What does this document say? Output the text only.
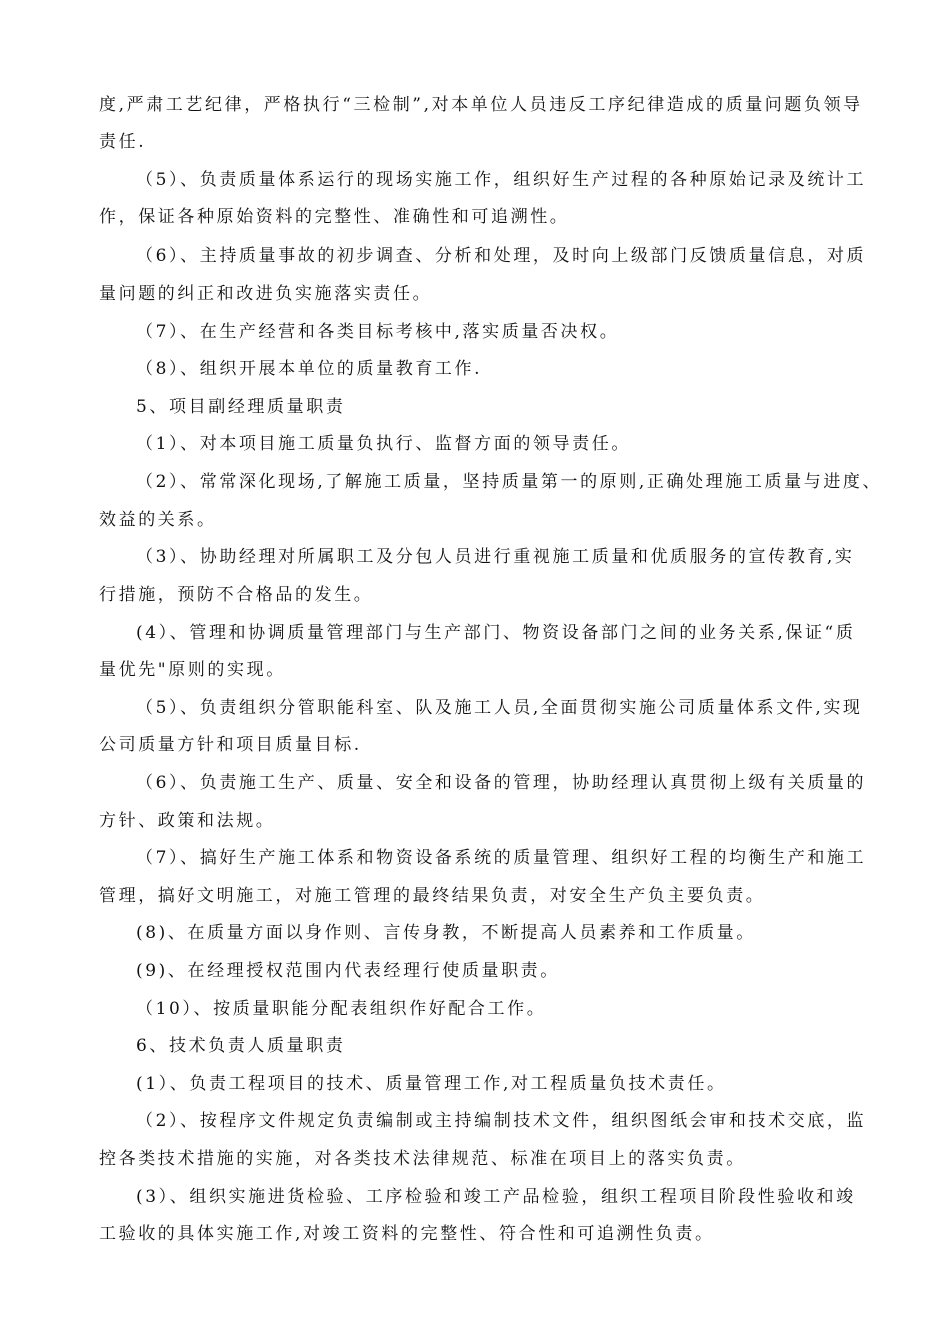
度,严肃工艺纪律，严格执行“三检制”,对本单位人员违反工序纪律造成的质量问题负领导
责任.
（5）、负责质量体系运行的现场实施工作，组织好生产过程的各种原始记录及统计工
作，保证各种原始资料的完整性、准确性和可追溯性。
（6）、主持质量事故的初步调查、分析和处理，及时向上级部门反馈质量信息，对质
量问题的纠正和改进负实施落实责任。
（7）、在生产经营和各类目标考核中,落实质量否决权。
（8）、组织开展本单位的质量教育工作.
5、项目副经理质量职责
（1）、对本项目施工质量负执行、监督方面的领导责任。
（2）、常常深化现场,了解施工质量，坚持质量第一的原则,正确处理施工质量与进度、
效益的关系。
（3）、协助经理对所属职工及分包人员进行重视施工质量和优质服务的宣传教育,实
行措施，预防不合格品的发生。
(4）、管理和协调质量管理部门与生产部门、物资设备部门之间的业务关系,保证“质
量优先"原则的实现。
（5）、负责组织分管职能科室、队及施工人员,全面贯彻实施公司质量体系文件,实现
公司质量方针和项目质量目标.
（6）、负责施工生产、质量、安全和设备的管理，协助经理认真贯彻上级有关质量的
方针、政策和法规。
（7）、搞好生产施工体系和物资设备系统的质量管理、组织好工程的均衡生产和施工
管理，搞好文明施工，对施工管理的最终结果负责，对安全生产负主要负责。
(8)、在质量方面以身作则、言传身教，不断提高人员素养和工作质量。
(9)、在经理授权范围内代表经理行使质量职责。
（10）、按质量职能分配表组织作好配合工作。
6、技术负责人质量职责
(1）、负责工程项目的技术、质量管理工作,对工程质量负技术责任。
（2）、按程序文件规定负责编制或主持编制技术文件，组织图纸会审和技术交底，监
控各类技术措施的实施，对各类技术法律规范、标准在项目上的落实负责。
(3）、组织实施进货检验、工序检验和竣工产品检验，组织工程项目阶段性验收和竣
工验收的具体实施工作,对竣工资料的完整性、符合性和可追溯性负责。
